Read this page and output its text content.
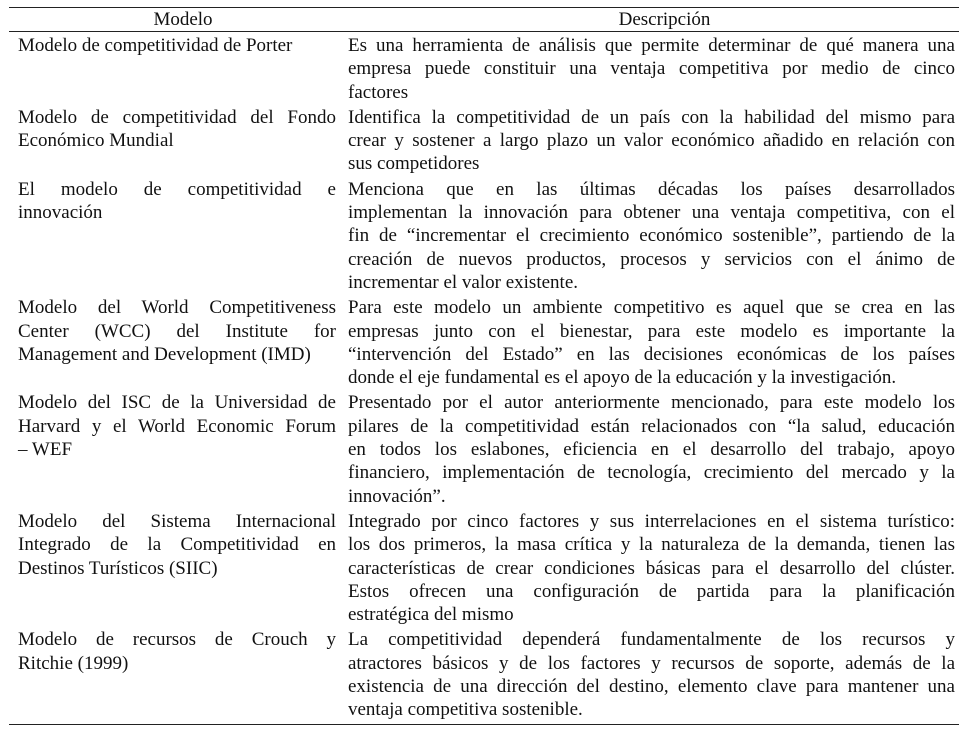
Modelo	Descripción
Modelo de competitividad de Porter	Es una herramienta de análisis que permite determinar de qué manera una
empresa puede constituir una ventaja competitiva por medio de cinco
factores
Modelo de competitividad del Fondo
Económico Mundial
Identifica la competitividad de un país con la habilidad del mismo para
crear y sostener a largo plazo un valor económico añadido en relación con
sus competidores
El modelo de competitividad e
innovación
Menciona que en las últimas décadas los países desarrollados
implementan la innovación para obtener una ventaja competitiva, con el
fin de “incrementar el crecimiento económico sostenible”, partiendo de la
creación de nuevos productos, procesos y servicios con el ánimo de
incrementar el valor existente.
Modelo del World Competitiveness
Center (WCC) del Institute for
Management and Development (IMD)
Para este modelo un ambiente competitivo es aquel que se crea en las
empresas junto con el bienestar, para este modelo es importante la
“intervención del Estado” en las decisiones económicas de los países
donde el eje fundamental es el apoyo de la educación y la investigación.
Modelo del ISC de la Universidad de
Harvard y el World Economic Forum
– WEF
Presentado por el autor anteriormente mencionado, para este modelo los
pilares de la competitividad están relacionados con “la salud, educación
en todos los eslabones, eficiencia en el desarrollo del trabajo, apoyo
financiero, implementación de tecnología, crecimiento del mercado y la
innovación”.
Modelo del Sistema Internacional
Integrado de la Competitividad en
Destinos Turísticos (SIIC)
Integrado por cinco factores y sus interrelaciones en el sistema turístico:
los dos primeros, la masa crítica y la naturaleza de la demanda, tienen las
características de crear condiciones básicas para el desarrollo del clúster.
Estos ofrecen una configuración de partida para la planificación
estratégica del mismo
Modelo de recursos de Crouch y
Ritchie (1999)
La competitividad dependerá fundamentalmente de los recursos y
atractores básicos y de los factores y recursos de soporte, además de la
existencia de una dirección del destino, elemento clave para mantener una
ventaja competitiva sostenible.
